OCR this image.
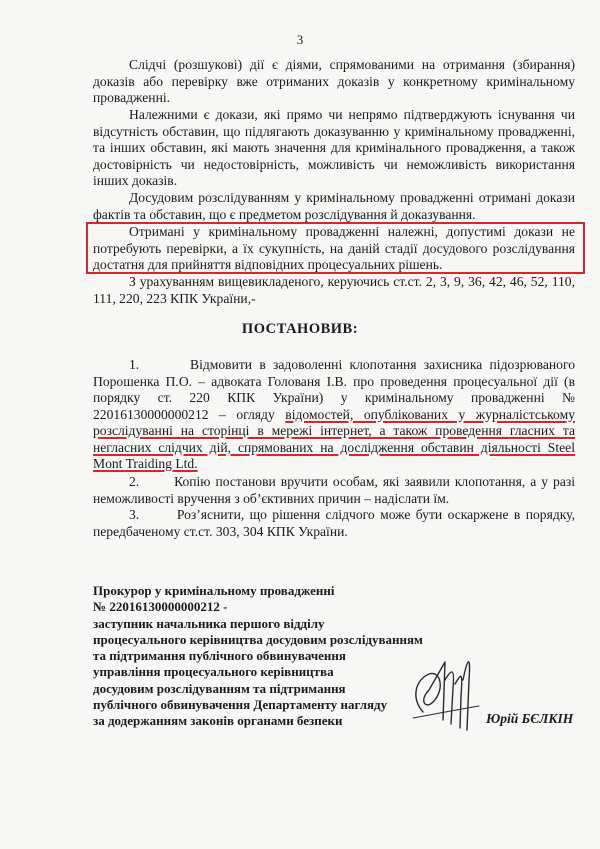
3

Слідчі (розшукові) дії є діями, спрямованими на отримання (збирання) доказів або перевірку вже отриманих доказів у конкретному кримінальному провадженні.

Належними є докази, які прямо чи непрямо підтверджують існування чи відсутність обставин, що підлягають доказуванню у кримінальному провадженні, та інших обставин, які мають значення для кримінального провадження, а також достовірність чи недостовірність, можливість чи неможливість використання інших доказів.

Досудовим розслідуванням у кримінальному провадженні отримані докази фактів та обставин, що є предметом розслідування й доказування.

Отримані у кримінальному провадженні належні, допустимі докази не потребують перевірки, а їх сукупність, на даній стадії досудового розслідування достатня для прийняття відповідних процесуальних рішень.

З урахуванням вищевикладеного, керуючись ст.ст. 2, 3, 9, 36, 42, 46, 52, 110, 111, 220, 223 КПК України,-

ПОСТАНОВИВ:

1.       Відмовити в задоволенні клопотання захисника підозрюваного Порошенка П.О. – адвоката Голованя І.В. про проведення процесуальної дії (в порядку ст. 220 КПК України) у кримінальному провадженні № 22016130000000212 – огляду відомостей, опублікованих у журналістському розслідуванні на сторінці в мережі інтернет, а також проведення гласних та негласних слідчих дій, спрямованих на дослідження обставин діяльності Steel Mont Traiding Ltd.

2.       Копію постанови вручити особам, які заявили клопотання, а у разі неможливості вручення з об’єктивних причин – надіслати їм.

3.       Роз’яснити, що рішення слідчого може бути оскаржене в порядку, передбаченому ст.ст. 303, 304 КПК України.

Прокурор у кримінальному провадженні
№ 22016130000000212 -
заступник начальника першого відділу
процесуального керівництва досудовим розслідуванням
та підтримання публічного обвинувачення
управління процесуального керівництва
досудовим розслідуванням та підтримання
публічного обвинувачення Департаменту нагляду
за додержанням законів органами безпеки	Юрій БЄЛКІН
